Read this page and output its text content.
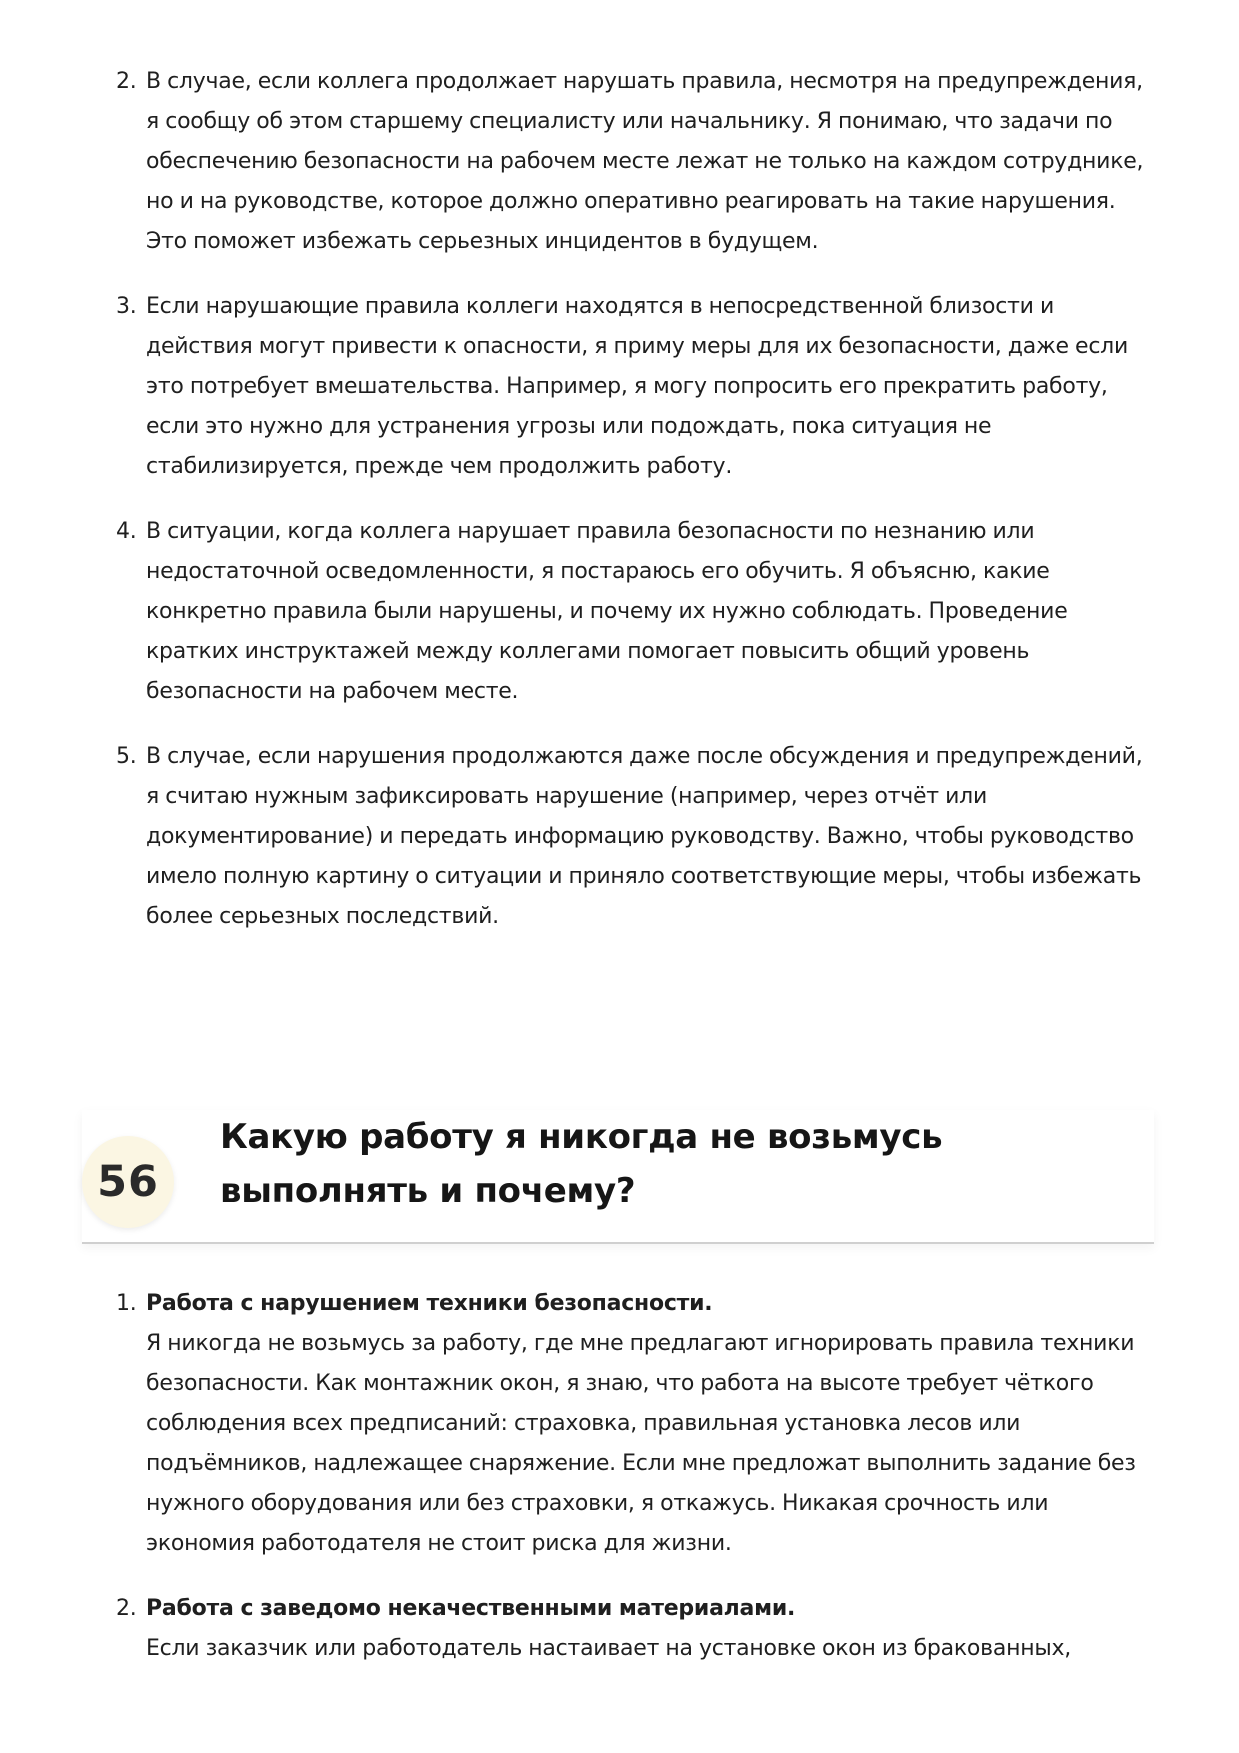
2. В случае, если коллега продолжает нарушать правила, несмотря на предупреждения, я сообщу об этом старшему специалисту или начальнику. Я понимаю, что задачи по обеспечению безопасности на рабочем месте лежат не только на каждом сотруднике, но и на руководстве, которое должно оперативно реагировать на такие нарушения. Это поможет избежать серьезных инцидентов в будущем.
3. Если нарушающие правила коллеги находятся в непосредственной близости и действия могут привести к опасности, я приму меры для их безопасности, даже если это потребует вмешательства. Например, я могу попросить его прекратить работу, если это нужно для устранения угрозы или подождать, пока ситуация не стабилизируется, прежде чем продолжить работу.
4. В ситуации, когда коллега нарушает правила безопасности по незнанию или недостаточной осведомленности, я постараюсь его обучить. Я объясню, какие конкретно правила были нарушены, и почему их нужно соблюдать. Проведение кратких инструктажей между коллегами помогает повысить общий уровень безопасности на рабочем месте.
5. В случае, если нарушения продолжаются даже после обсуждения и предупреждений, я считаю нужным зафиксировать нарушение (например, через отчёт или документирование) и передать информацию руководству. Важно, чтобы руководство имело полную картину о ситуации и приняло соответствующие меры, чтобы избежать более серьезных последствий.
56
Какую работу я никогда не возьмусь выполнять и почему?
1. Работа с нарушением техники безопасности.
Я никогда не возьмусь за работу, где мне предлагают игнорировать правила техники безопасности. Как монтажник окон, я знаю, что работа на высоте требует чёткого соблюдения всех предписаний: страховка, правильная установка лесов или подъёмников, надлежащее снаряжение. Если мне предложат выполнить задание без нужного оборудования или без страховки, я откажусь. Никакая срочность или экономия работодателя не стоит риска для жизни.
2. Работа с заведомо некачественными материалами.
Если заказчик или работодатель настаивает на установке окон из бракованных,
